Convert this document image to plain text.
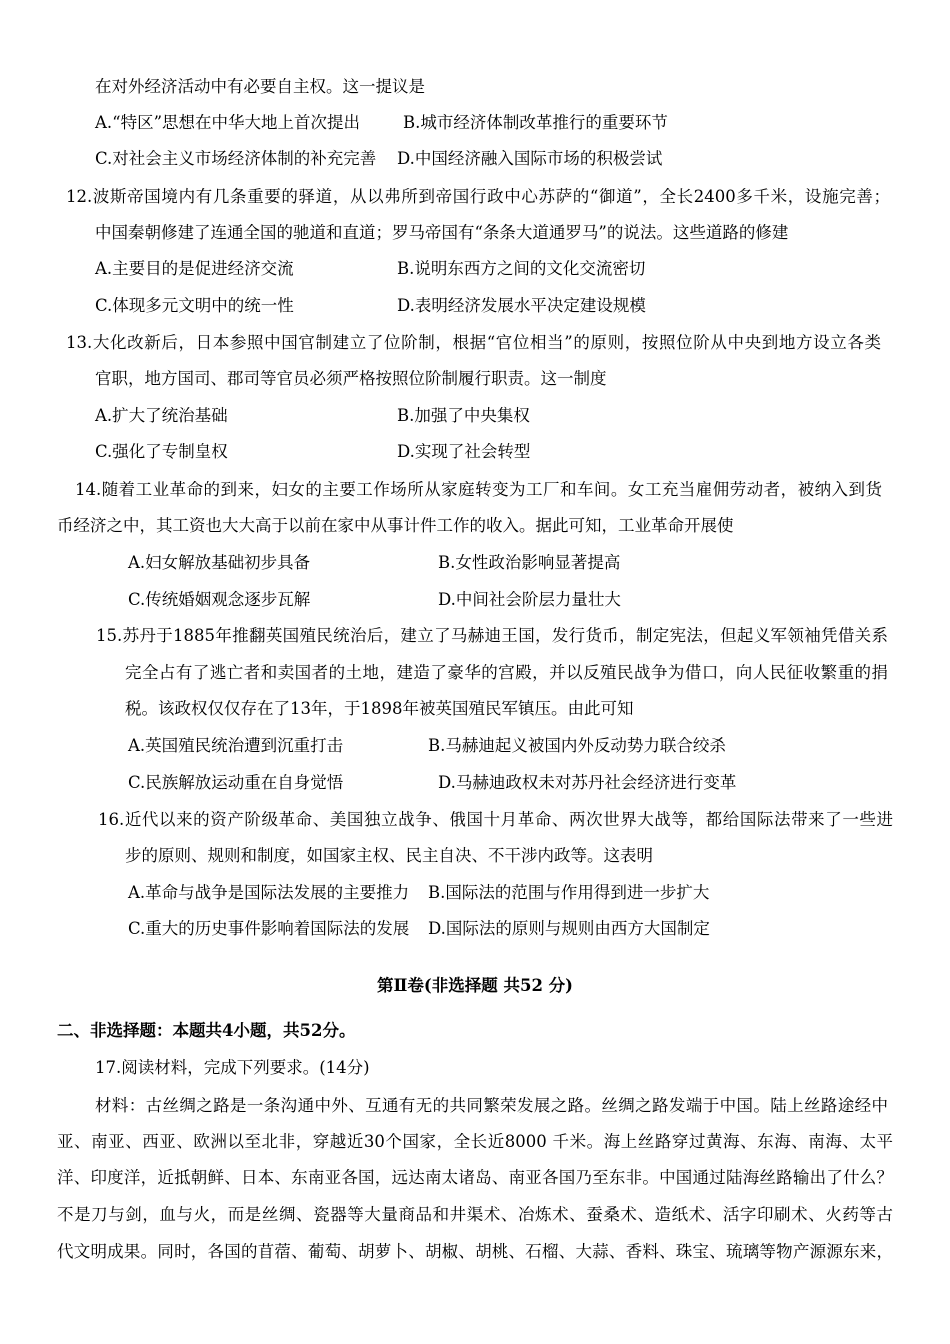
在对外经济活动中有必要自主权。这一提议是
A.“特区”思想在中华大地上首次提出	B.城市经济体制改革推行的重要环节
C.对社会主义市场经济体制的补充完善 D.中国经济融入国际市场的积极尝试
12.波斯帝国境内有几条重要的驿道，从以弗所到帝国行政中心苏萨的“御道”，全长2400多千米，设施完善；
中国秦朝修建了连通全国的驰道和直道；罗马帝国有“条条大道通罗马”的说法。这些道路的修建
A.主要目的是促进经济交流	B.说明东西方之间的文化交流密切
C.体现多元文明中的统一性	D.表明经济发展水平决定建设规模
13.大化改新后，日本参照中国官制建立了位阶制，根据“官位相当”的原则，按照位阶从中央到地方设立各类
官职，地方国司、郡司等官员必须严格按照位阶制履行职责。这一制度
A.扩大了统治基础	B.加强了中央集权
C.强化了专制皇权	D.实现了社会转型
14.随着工业革命的到来，妇女的主要工作场所从家庭转变为工厂和车间。女工充当雇佣劳动者，被纳入到货
币经济之中，其工资也大大高于以前在家中从事计件工作的收入。据此可知，工业革命开展使
A.妇女解放基础初步具备	B.女性政治影响显著提高
C.传统婚姻观念逐步瓦解	D.中间社会阶层力量壮大
15.苏丹于1885年推翻英国殖民统治后，建立了马赫迪王国，发行货币，制定宪法，但起义军领袖凭借关系
完全占有了逃亡者和卖国者的土地，建造了豪华的宫殿，并以反殖民战争为借口，向人民征收繁重的捐
税。该政权仅仅存在了13年，于1898年被英国殖民军镇压。由此可知
A.英国殖民统治遭到沉重打击	B.马赫迪起义被国内外反动势力联合绞杀
C.民族解放运动重在自身觉悟	D.马赫迪政权未对苏丹社会经济进行变革
16.近代以来的资产阶级革命、美国独立战争、俄国十月革命、两次世界大战等，都给国际法带来了一些进
步的原则、规则和制度，如国家主权、民主自决、不干涉内政等。这表明
A.革命与战争是国际法发展的主要推力 B.国际法的范围与作用得到进一步扩大
C.重大的历史事件影响着国际法的发展 D.国际法的原则与规则由西方大国制定
第Ⅱ卷(非选择题 共52 分)
二、非选择题：本题共4小题，共52分。
17.阅读材料，完成下列要求。(14分)
材料：古丝绸之路是一条沟通中外、互通有无的共同繁荣发展之路。丝绸之路发端于中国。陆上丝路途经中
亚、南亚、西亚、欧洲以至北非，穿越近30个国家，全长近8000 千米。海上丝路穿过黄海、东海、南海、太平
洋、印度洋，近抵朝鲜、日本、东南亚各国，远达南太诸岛、南亚各国乃至东非。中国通过陆海丝路输出了什么？
不是刀与剑，血与火，而是丝绸、瓷器等大量商品和井渠术、冶炼术、蚕桑术、造纸术、活字印刷术、火药等古
代文明成果。同时，各国的苜蓿、葡萄、胡萝卜、胡椒、胡桃、石榴、大蒜、香料、珠宝、琉璃等物产源源东来，
